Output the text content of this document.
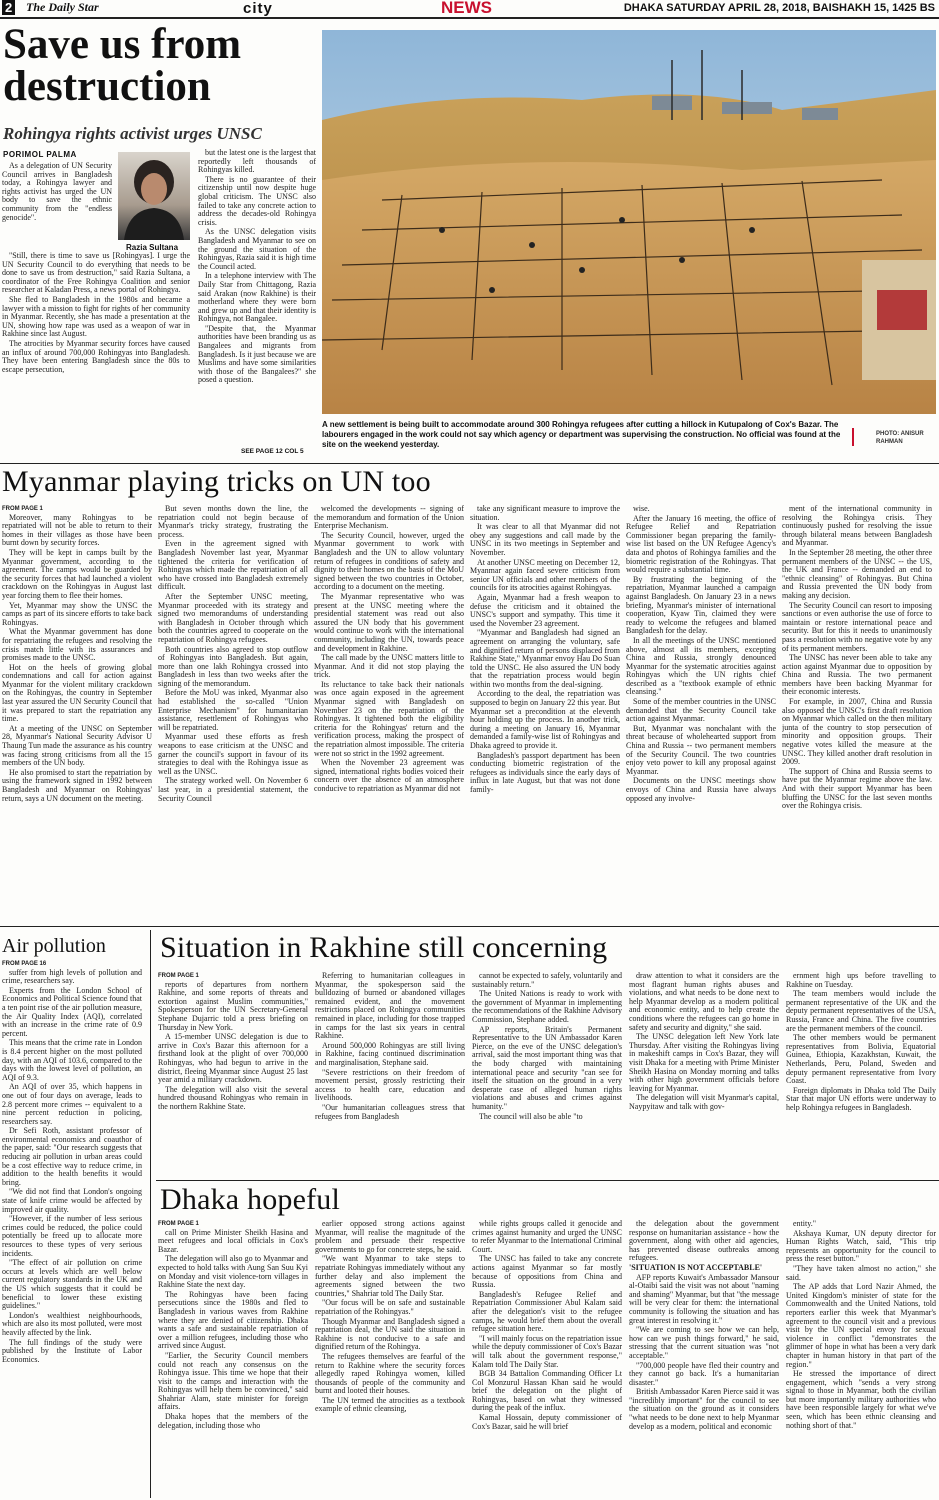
2 The Daily Star	city	NEWS	DHAKA SATURDAY APRIL 28, 2018, BAISHAKH 15, 1425 BS
Save us from destruction
Rohingya rights activist urges UNSC
PORIMOL PALMA

As a delegation of UN Security Council arrives in Bangladesh today, a Rohingya lawyer and rights activist has urged the UN body to save the ethnic community from the "endless genocide".

Razia Sultana

"Still, there is time to save us [Rohingyas]. I urge the UN Security Council to do everything that needs to be done to save us from destruction," said Razia Sultana, a coordinator of the Free Rohingya Coalition and senior researcher at Kaladan Press, a news portal of Rohingya.

She fled to Bangladesh in the 1980s and became a lawyer with a mission to fight for rights of her community in Myanmar. Recently, she has made a presentation at the UN, showing how rape was used as a weapon of war in Rakhine since last August.

The atrocities by Myanmar security forces have caused an influx of around 700,000 Rohingyas into Bangladesh. They have been entering Bangladesh since the 80s to escape persecution,

but the latest one is the largest that reportedly left thousands of Rohingyas killed.

There is no guarantee of their citizenship until now despite huge global criticism. The UNSC also failed to take any concrete action to address the decades-old Rohingya crisis.

As the UNSC delegation visits Bangladesh and Myanmar to see on the ground the situation of the Rohingyas, Razia said it is high time the Council acted.

In a telephone interview with The Daily Star from Chittagong, Razia said Arakan (now Rakhine) is their motherland where they were born and grew up and that their identity is Rohingya, not Bangalee.

"Despite that, the Myanmar authorities have been branding us as Bangalees and migrants from Bangladesh. Is it just because we are Muslims and have some similarities with those of the Bangalees?" she posed a question.

SEE PAGE 12 COL 5
A new settlement is being built to accommodate around 300 Rohingya refugees after cutting a hillock in Kutupalong of Cox's Bazar. The labourers engaged in the work could not say which agency or department was supervising the construction. No official was found at the site on the weekend yesterday.
PHOTO: ANISUR RAHMAN
Myanmar playing tricks on UN too
FROM PAGE 1

Moreover, many Rohingyas to be repatriated will not be able to return to their homes in their villages as those have been burnt down by security forces.

They will be kept in camps built by the Myanmar government, according to the agreement. The camps would be guarded by the security forces that had launched a violent crackdown on the Rohingyas in August last year forcing them to flee their homes.

Yet, Myanmar may show the UNSC the camps as part of its sincere efforts to take back Rohingyas.

What the Myanmar government has done for repatriating the refugees and resolving the crisis match little with its assurances and promises made to the UNSC.

Hot on the heels of growing global condemnations and call for action against Myanmar for the violent military crackdown on the Rohingyas, the country in September last year assured the UN Security Council that it was prepared to start the repatriation any time.

At a meeting of the UNSC on September 28, Myanmar's National Security Advisor U Thaung Tun made the assurance as his country was facing strong criticisms from all the 15 members of the UN body.

He also promised to start the repatriation by using the framework signed in 1992 between Bangladesh and Myanmar on Rohingyas' return, says a UN document on the meeting.

But seven months down the line, the repatriation could not begin because of Myanmar's tricky strategy, frustrating the process.

Even in the agreement signed with Bangladesh November last year, Myanmar tightened the criteria for verification of Rohingyas which made the repatriation of all who have crossed into Bangladesh extremely difficult.

After the September UNSC meeting, Myanmar proceeded with its strategy and signed two memorandums of understanding with Bangladesh in October through which both the countries agreed to cooperate on the repatriation of Rohingya refugees.

Both countries also agreed to stop outflow of Rohingyas into Bangladesh. But again, more than one lakh Rohingya crossed into Bangladesh in less than two weeks after the signing of the memorandum.

Before the MoU was inked, Myanmar also had established the so-called "Union Enterprise Mechanism" for humanitarian assistance, resettlement of Rohingyas who will be repatriated.

Myanmar used these efforts as fresh weapons to ease criticism at the UNSC and garner the council's support in favour of its strategies to deal with the Rohingya issue as well as the UNSC.

The strategy worked well. On November 6 last year, in a presidential statement, the Security Council

welcomed the developments -- signing of the memorandum and formation of the Union Enterprise Mechanism.

The Security Council, however, urged the Myanmar government to work with Bangladesh and the UN to allow voluntary return of refugees in conditions of safety and dignity to their homes on the basis of the MoU signed between the two countries in October, according to a document on the meeting.

The Myanmar representative who was present at the UNSC meeting where the presidential statement was read out also assured the UN body that his government would continue to work with the international community, including the UN, towards peace and development in Rakhine.

The call made by the UNSC matters little to Myanmar. And it did not stop playing the trick.

Its reluctance to take back their nationals was once again exposed in the agreement Myanmar signed with Bangladesh on November 23 on the repatriation of the Rohingyas. It tightened both the eligibility criteria for the Rohingyas' return and the verification process, making the prospect of the repatriation almost impossible. The criteria were not so strict in the 1992 agreement.

When the November 23 agreement was signed, international rights bodies voiced their concern over the absence of an atmosphere conducive to repatriation as Myanmar did not

take any significant measure to improve the situation.

It was clear to all that Myanmar did not obey any suggestions and call made by the UNSC in its two meetings in September and November.

At another UNSC meeting on December 12, Myanmar again faced severe criticism from senior UN officials and other members of the councils for its atrocities against Rohingyas.

Again, Myanmar had a fresh weapon to defuse the criticism and it obtained the UNSC's support and sympathy. This time it used the November 23 agreement.

"Myanmar and Bangladesh had signed an agreement on arranging the voluntary, safe and dignified return of persons displaced from Rakhine State," Myanmar envoy Hau Do Suan told the UNSC. He also assured the UN body that the repatriation process would begin within two months from the deal-signing.

According to the deal, the repatriation was supposed to begin on January 22 this year. But Myanmar set a precondition at the eleventh hour holding up the process. In another trick, during a meeting on January 16, Myanmar demanded a family-wise list of Rohingyas and Dhaka agreed to provide it.

Bangladesh's passport department has been conducting biometric registration of the refugees as individuals since the early days of influx in late August, but that was not done family-

wise.

After the January 16 meeting, the office of Refugee Relief and Repatriation Commissioner began preparing the family-wise list based on the UN Refugee Agency's data and photos of Rohingya families and the biometric registration of the Rohingyas. That would require a substantial time.

By frustrating the beginning of the repatriation, Myanmar launched a campaign against Bangladesh. On January 23 in a news briefing, Myanmar's minister of international cooperation, Kyaw Tin, claimed they were ready to welcome the refugees and blamed Bangladesh for the delay.

In all the meetings of the UNSC mentioned above, almost all its members, excepting China and Russia, strongly denounced Myanmar for the systematic atrocities against Rohingyas which the UN rights chief described as a "textbook example of ethnic cleansing."

Some of the member countries in the UNSC demanded that the Security Council take action against Myanmar.

But, Myanmar was nonchalant with the threat because of wholehearted support from China and Russia -- two permanent members of the Security Council. The two countries enjoy veto power to kill any proposal against Myanmar.

Documents on the UNSC meetings show envoys of China and Russia have always opposed any involve-

ment of the international community in resolving the Rohingya crisis. They continuously pushed for resolving the issue through bilateral means between Bangladesh and Myanmar.

In the September 28 meeting, the other three permanent members of the UNSC -- the US, the UK and France -- demanded an end to "ethnic cleansing" of Rohingyas. But China and Russia prevented the UN body from making any decision.

The Security Council can resort to imposing sanctions or even authorise the use of force to maintain or restore international peace and security. But for this it needs to unanimously pass a resolution with no negative vote by any of its permanent members.

The UNSC has never been able to take any action against Myanmar due to opposition by China and Russia. The two permanent members have been backing Myanmar for their economic interests.

For example, in 2007, China and Russia also opposed the UNSC's first draft resolution on Myanmar which called on the then military junta of the country to stop persecution of minority and opposition groups. Their negative votes killed the measure at the UNSC. They killed another draft resolution in 2009.

The support of China and Russia seems to have put the Myanmar regime above the law. And with their support Myanmar has been bluffing the UNSC for the last seven months over the Rohingya crisis.

Air pollution
FROM PAGE 16

suffer from high levels of pollution and crime, researchers say.

Experts from the London School of Economics and Political Science found that a ten point rise of the air pollution measure, the Air Quality Index (AQI), correlated with an increase in the crime rate of 0.9 percent.

This means that the crime rate in London is 8.4 percent higher on the most polluted day, with an AQI of 103.6, compared to the days with the lowest level of pollution, an AQI of 9.3.

An AQI of over 35, which happens in one out of four days on average, leads to 2.8 percent more crimes -- equivalent to a nine percent reduction in policing, researchers say.

Dr Sefi Roth, assistant professor of environmental economics and coauthor of the paper, said: "Our research suggests that reducing air pollution in urban areas could be a cost effective way to reduce crime, in addition to the health benefits it would bring.

"We did not find that London's ongoing state of knife crime would be affected by improved air quality.

"However, if the number of less serious crimes could be reduced, the police could potentially be freed up to allocate more resources to these types of very serious incidents.

"The effect of air pollution on crime occurs at levels which are well below current regulatory standards in the UK and the US which suggests that it could be beneficial to lower these existing guidelines."

London's wealthiest neighbourhoods, which are also its most polluted, were most heavily affected by the link.

The full findings of the study were published by the Institute of Labor Economics.

Situation in Rakhine still concerning
FROM PAGE 1

reports of departures from northern Rakhine, and some reports of threats and extortion against Muslim communities," Spokesperson for the UN Secretary-General Stephane Dujarric told a press briefing on Thursday in New York.

A 15-member UNSC delegation is due to arrive in Cox's Bazar this afternoon for a firsthand look at the plight of over 700,000 Rohingyas, who had begun to arrive in the district, fleeing Myanmar since August 25 last year amid a military crackdown.

The delegation will also visit the several hundred thousand Rohingyas who remain in the northern Rakhine State.

Referring to humanitarian colleagues in Myanmar, the spokesperson said the bulldozing of burned or abandoned villages remained evident, and the movement restrictions placed on Rohingya communities remained in place, including for those trapped in camps for the last six years in central Rakhine.

Around 500,000 Rohingyas are still living in Rakhine, facing continued discrimination and marginalisation, Stephane said.

"Severe restrictions on their freedom of movement persist, grossly restricting their access to health care, education and livelihoods.

"Our humanitarian colleagues stress that refugees from Bangladesh

cannot be expected to safely, voluntarily and sustainably return."

The United Nations is ready to work with the government of Myanmar in implementing the recommendations of the Rakhine Advisory Commission, Stephane added.

AP reports, Britain's Permanent Representative to the UN Ambassador Karen Pierce, on the eve of the UNSC delegation's arrival, said the most important thing was that the body charged with maintaining international peace and security "can see for itself the situation on the ground in a very desperate case of alleged human rights violations and abuses and crimes against humanity."

The council will also be able "to

draw attention to what it considers are the most flagrant human rights abuses and violations, and what needs to be done next to help Myanmar develop as a modern political and economic entity, and to help create the conditions where the refugees can go home in safety and security and dignity," she said.

The UNSC delegation left New York late Thursday. After visiting the Rohingyas living in makeshift camps in Cox's Bazar, they will visit Dhaka for a meeting with Prime Minister Sheikh Hasina on Monday morning and talks with other high government officials before leaving for Myanmar.

The delegation will visit Myanmar's capital, Naypyitaw and talk with gov-

ernment high ups before travelling to Rakhine on Tuesday.

The team members would include the permanent representative of the UK and the deputy permanent representatives of the USA, Russia, France and China. The five countries are the permanent members of the council.

The other members would be permanent representatives from Bolivia, Equatorial Guinea, Ethiopia, Kazakhstan, Kuwait, the Netherlands, Peru, Poland, Sweden and deputy permanent representative from Ivory Coast.

Foreign diplomats in Dhaka told The Daily Star that major UN efforts were underway to help Rohingya refugees in Bangladesh.

Dhaka hopeful
FROM PAGE 1

call on Prime Minister Sheikh Hasina and meet refugees and local officials in Cox's Bazar.

The delegation will also go to Myanmar and expected to hold talks with Aung San Suu Kyi on Monday and visit violence-torn villages in Rakhine State the next day.

The Rohingyas have been facing persecutions since the 1980s and fled to Bangladesh in various waves from Rakhine where they are denied of citizenship. Dhaka wants a safe and sustainable repatriation of over a million refugees, including those who arrived since August.

"Earlier, the Security Council members could not reach any consensus on the Rohingya issue. This time we hope that their visit to the camps and interaction with the Rohingyas will help them be convinced," said Shahriar Alam, state minister for foreign affairs.

Dhaka hopes that the members of the delegation, including those who

earlier opposed strong actions against Myanmar, will realise the magnitude of the problem and persuade their respective governments to go for concrete steps, he said.

"We want Myanmar to take steps to repatriate Rohingyas immediately without any further delay and also implement the agreements signed between the two countries," Shahriar told The Daily Star.

"Our focus will be on safe and sustainable repatriation of the Rohingyas."

Though Myanmar and Bangladesh signed a repatriation deal, the UN said the situation in Rakhine is not conducive to a safe and dignified return of the Rohingya.

The refugees themselves are fearful of the return to Rakhine where the security forces allegedly raped Rohingya women, killed thousands of people of the community and burnt and looted their houses.

The UN termed the atrocities as a textbook example of ethnic cleansing,

while rights groups called it genocide and crimes against humanity and urged the UNSC to refer Myanmar to the International Criminal Court.

The UNSC has failed to take any concrete actions against Myanmar so far mostly because of oppositions from China and Russia.

Bangladesh's Refugee Relief and Repatriation Commissioner Abul Kalam said after the delegation's visit to the refugee camps, he would brief them about the overall refugee situation here.

"I will mainly focus on the repatriation issue while the deputy commissioner of Cox's Bazar will talk about the government response," Kalam told The Daily Star.

BGB 34 Battalion Commanding Officer Lt Col Monzurul Hassan Khan said he would brief the delegation on the plight of Rohingyas, based on what they witnessed during the peak of the influx.

Kamal Hossain, deputy commissioner of Cox's Bazar, said he will brief

the delegation about the government response on humanitarian assistance - how the government, along with other aid agencies, has prevented disease outbreaks among refugees.

'SITUATION IS NOT ACCEPTABLE'

AFP reports Kuwait's Ambassador Mansour al-Otaibi said the visit was not about "naming and shaming" Myanmar, but that "the message will be very clear for them: the international community is following the situation and has great interest in resolving it."

"We are coming to see how we can help, how can we push things forward," he said, stressing that the current situation was "not acceptable."

"700,000 people have fled their country and they cannot go back. It's a humanitarian disaster."

British Ambassador Karen Pierce said it was "incredibly important" for the council to see the situation on the ground as it considers "what needs to be done next to help Myanmar develop as a modern, political and economic

entity."

Akshaya Kumar, UN deputy director for Human Rights Watch, said, "This trip represents an opportunity for the council to press the reset button."

"They have taken almost no action," she said.

The AP adds that Lord Nazir Ahmed, the United Kingdom's minister of state for the Commonwealth and the United Nations, told reporters earlier this week that Myanmar's agreement to the council visit and a previous visit by the UN special envoy for sexual violence in conflict "demonstrates the glimmer of hope in what has been a very dark chapter in human history in that part of the region."

He stressed the importance of direct engagement, which "sends a very strong signal to those in Myanmar, both the civilian but more importantly military authorities who have been responsible largely for what we've seen, which has been ethnic cleansing and nothing short of that."
